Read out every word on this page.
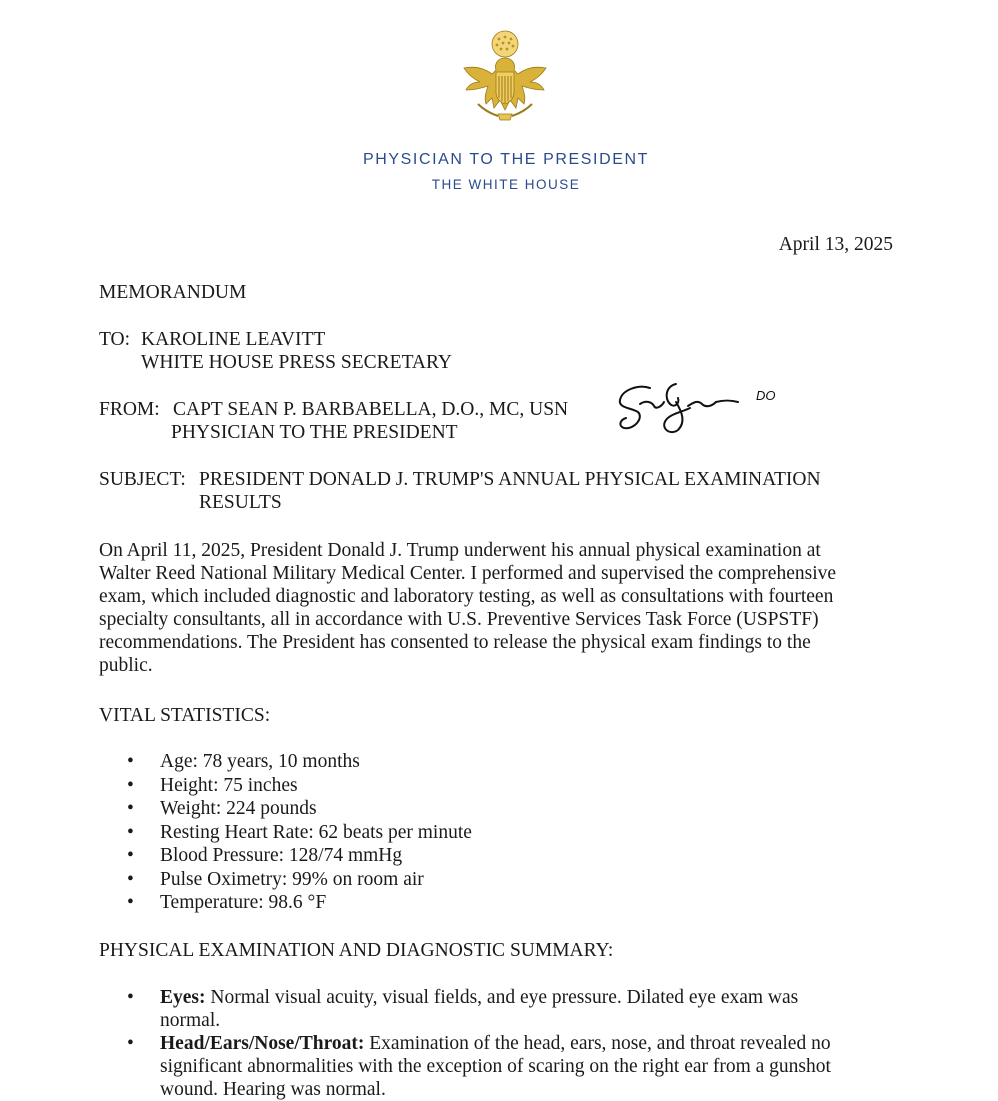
PHYSICIAN TO THE PRESIDENT
THE WHITE HOUSE
April 13, 2025
MEMORANDUM
TO: KAROLINE LEAVITT
WHITE HOUSE PRESS SECRETARY
FROM: CAPT SEAN P. BARBABELLA, D.O., MC, USN
PHYSICIAN TO THE PRESIDENT
DO
SUBJECT: PRESIDENT DONALD J. TRUMP'S ANNUAL PHYSICAL EXAMINATION
RESULTS
On April 11, 2025, President Donald J. Trump underwent his annual physical examination at
Walter Reed National Military Medical Center. I performed and supervised the comprehensive
exam, which included diagnostic and laboratory testing, as well as consultations with fourteen
specialty consultants, all in accordance with U.S. Preventive Services Task Force (USPSTF)
recommendations. The President has consented to release the physical exam findings to the
public.
VITAL STATISTICS:
• Age: 78 years, 10 months
• Height: 75 inches
• Weight: 224 pounds
• Resting Heart Rate: 62 beats per minute
• Blood Pressure: 128/74 mmHg
• Pulse Oximetry: 99% on room air
• Temperature: 98.6 °F
PHYSICAL EXAMINATION AND DIAGNOSTIC SUMMARY:
• Eyes: Normal visual acuity, visual fields, and eye pressure. Dilated eye exam was
normal.
• Head/Ears/Nose/Throat: Examination of the head, ears, nose, and throat revealed no
significant abnormalities with the exception of scaring on the right ear from a gunshot
wound. Hearing was normal.
